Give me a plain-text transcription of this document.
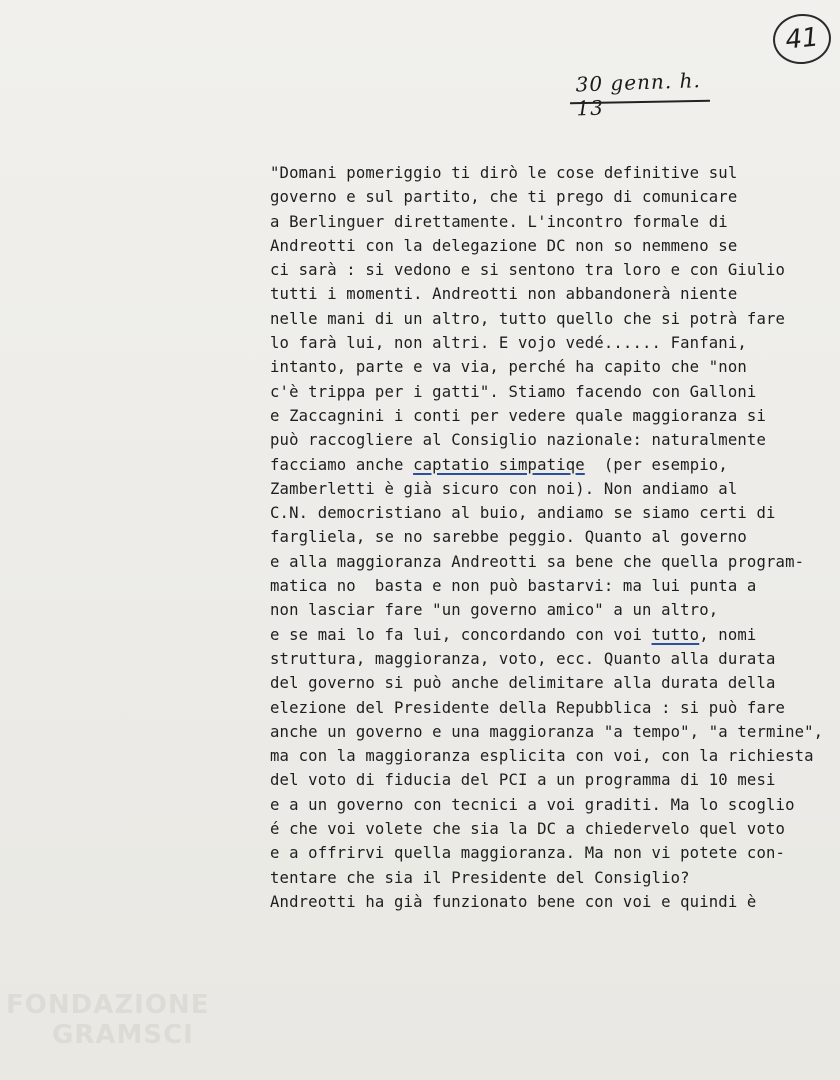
41
30 genn. h. 13
"Domani pomeriggio ti dirò le cose definitive sul
governo e sul partito, che ti prego di comunicare
a Berlinguer direttamente. L'incontro formale di
Andreotti con la delegazione DC non so nemmeno se
ci sarà : si vedono e si sentono tra loro e con Giulio
tutti i momenti. Andreotti non abbandonerà niente
nelle mani di un altro, tutto quello che si potrà fare
lo farà lui, non altri. E vojo vedé...... Fanfani,
intanto, parte e va via, perché ha capito che "non
c'è trippa per i gatti". Stiamo facendo con Galloni
e Zaccagnini i conti per vedere quale maggioranza si
può raccogliere al Consiglio nazionale: naturalmente
facciamo anche captatio simpatiqe  (per esempio,
Zamberletti è già sicuro con noi). Non andiamo al
C.N. democristiano al buio, andiamo se siamo certi di
fargliela, se no sarebbe peggio. Quanto al governo
e alla maggioranza Andreotti sa bene che quella program-
matica no  basta e non può bastarvi: ma lui punta a
non lasciar fare "un governo amico" a un altro,
e se mai lo fa lui, concordando con voi tutto, nomi
struttura, maggioranza, voto, ecc. Quanto alla durata
del governo si può anche delimitare alla durata della
elezione del Presidente della Repubblica : si può fare
anche un governo e una maggioranza "a tempo", "a termine",
ma con la maggioranza esplicita con voi, con la richiesta
del voto di fiducia del PCI a un programma di 10 mesi
e a un governo con tecnici a voi graditi. Ma lo scoglio
é che voi volete che sia la DC a chiedervelo quel voto
e a offrirvi quella maggioranza. Ma non vi potete con-
tentare che sia il Presidente del Consiglio?
Andreotti ha già funzionato bene con voi e quindi è
FONDAZIONE
GRAMSCI
